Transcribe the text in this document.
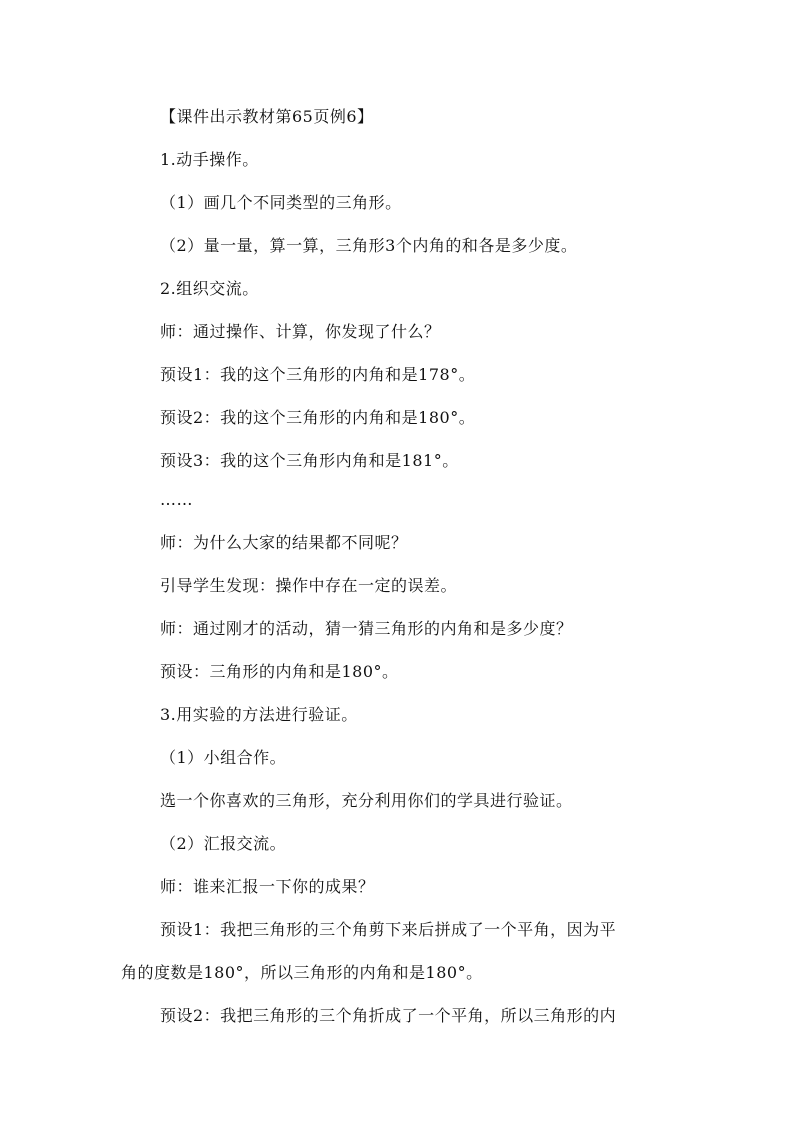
【课件出示教材第65页例6】
1.动手操作。
（1）画几个不同类型的三角形。
（2）量一量，算一算，三角形3个内角的和各是多少度。
2.组织交流。
师：通过操作、计算，你发现了什么？
预设1：我的这个三角形的内角和是178°。
预设2：我的这个三角形的内角和是180°。
预设3：我的这个三角形内角和是181°。
……
师：为什么大家的结果都不同呢？
引导学生发现：操作中存在一定的误差。
师：通过刚才的活动，猜一猜三角形的内角和是多少度？
预设：三角形的内角和是180°。
3.用实验的方法进行验证。
（1）小组合作。
选一个你喜欢的三角形，充分利用你们的学具进行验证。
（2）汇报交流。
师：谁来汇报一下你的成果？
预设1：我把三角形的三个角剪下来后拼成了一个平角，因为平
角的度数是180°，所以三角形的内角和是180°。
预设2：我把三角形的三个角折成了一个平角，所以三角形的内
